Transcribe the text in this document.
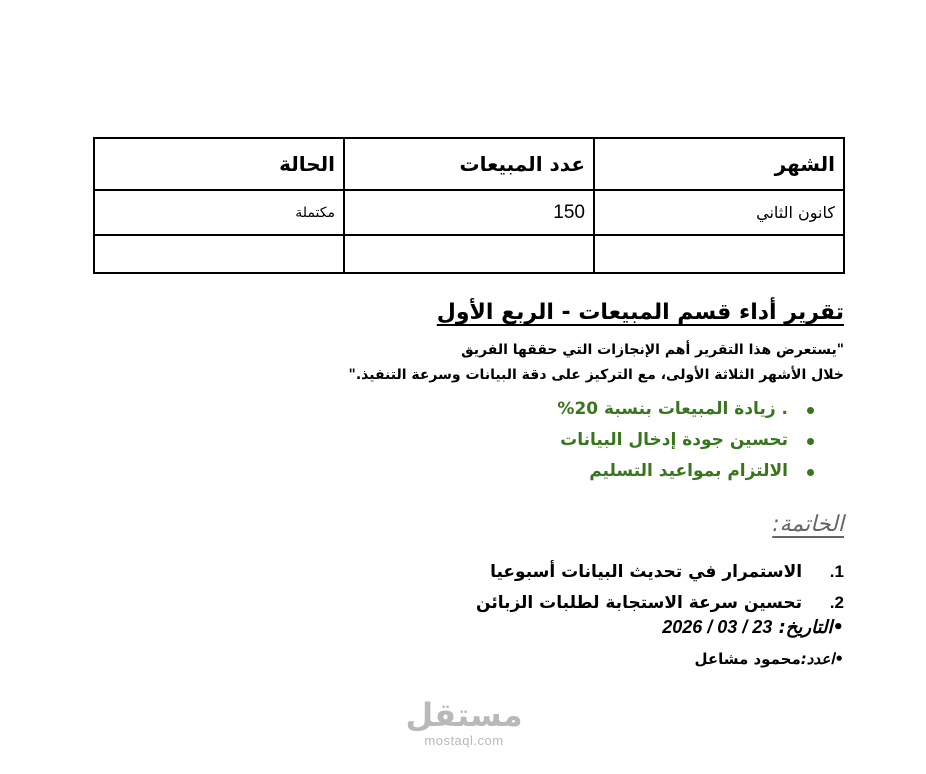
الشهر	عدد المبيعات	الحالة
كانون الثاني	150	مكتملة

تقرير أداء قسم المبيعات - الربع الأول
"يستعرض هذا التقرير أهم الإنجازات التي حققها الفريق
خلال الأشهر الثلاثة الأولى، مع التركيز على دقة البيانات وسرعة التنفيذ."
. زيادة المبيعات بنسبة 20%
تحسين جودة إدخال البيانات
الالتزام بمواعيد التسليم
الخاتمة:
1. الاستمرار في تحديث البيانات أسبوعيا
2. تحسين سرعة الاستجابة لطلبات الزبائن
•التاريخ: 2026 / 03 / 23
•اعدد:محمود مشاعل
مستقل
mostaql.com
